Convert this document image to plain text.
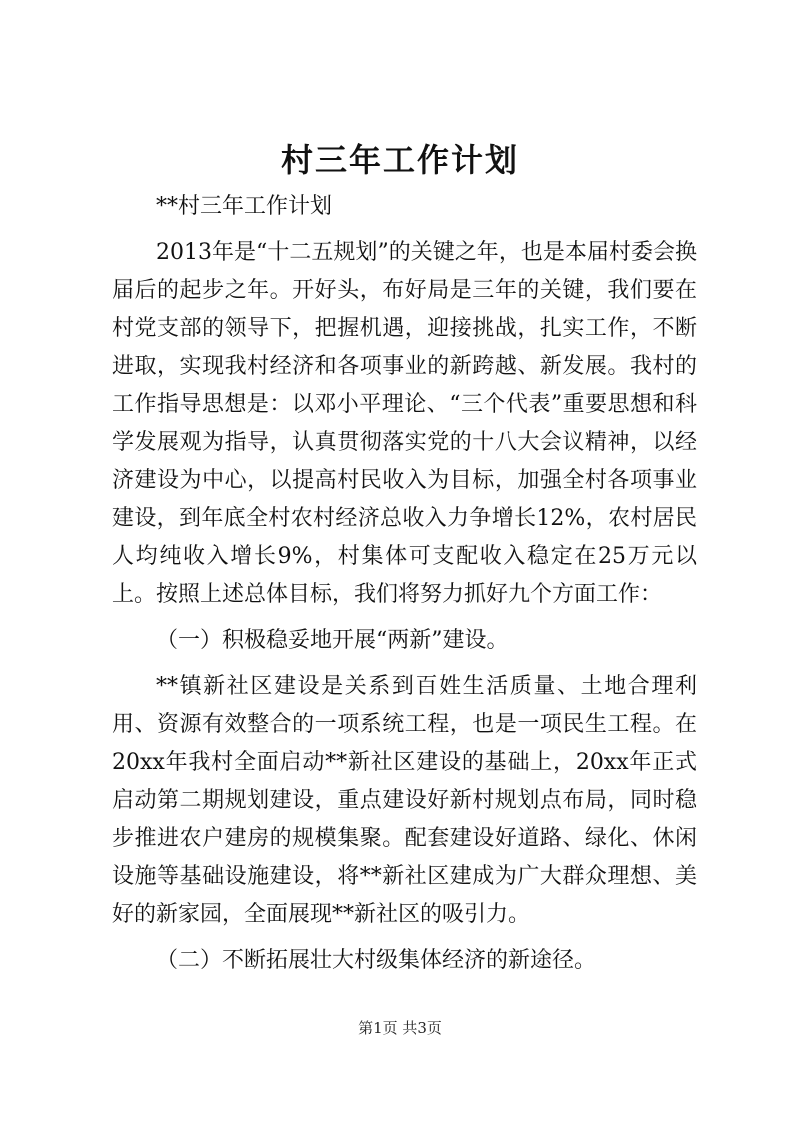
村三年工作计划

**村三年工作计划

2013年是“十二五规划”的关键之年，也是本届村委会换届后的起步之年。开好头，布好局是三年的关键，我们要在村党支部的领导下，把握机遇，迎接挑战，扎实工作，不断进取，实现我村经济和各项事业的新跨越、新发展。我村的工作指导思想是：以邓小平理论、“三个代表”重要思想和科学发展观为指导，认真贯彻落实党的十八大会议精神，以经济建设为中心，以提高村民收入为目标，加强全村各项事业建设，到年底全村农村经济总收入力争增长12%，农村居民人均纯收入增长9%，村集体可支配收入稳定在25万元以上。按照上述总体目标，我们将努力抓好九个方面工作：

（一）积极稳妥地开展“两新”建设。

**镇新社区建设是关系到百姓生活质量、土地合理利用、资源有效整合的一项系统工程，也是一项民生工程。在20xx年我村全面启动**新社区建设的基础上，20xx年正式启动第二期规划建设，重点建设好新村规划点布局，同时稳步推进农户建房的规模集聚。配套建设好道路、绿化、休闲设施等基础设施建设，将**新社区建成为广大群众理想、美好的新家园，全面展现**新社区的吸引力。

（二）不断拓展壮大村级集体经济的新途径。

第1页 共3页
